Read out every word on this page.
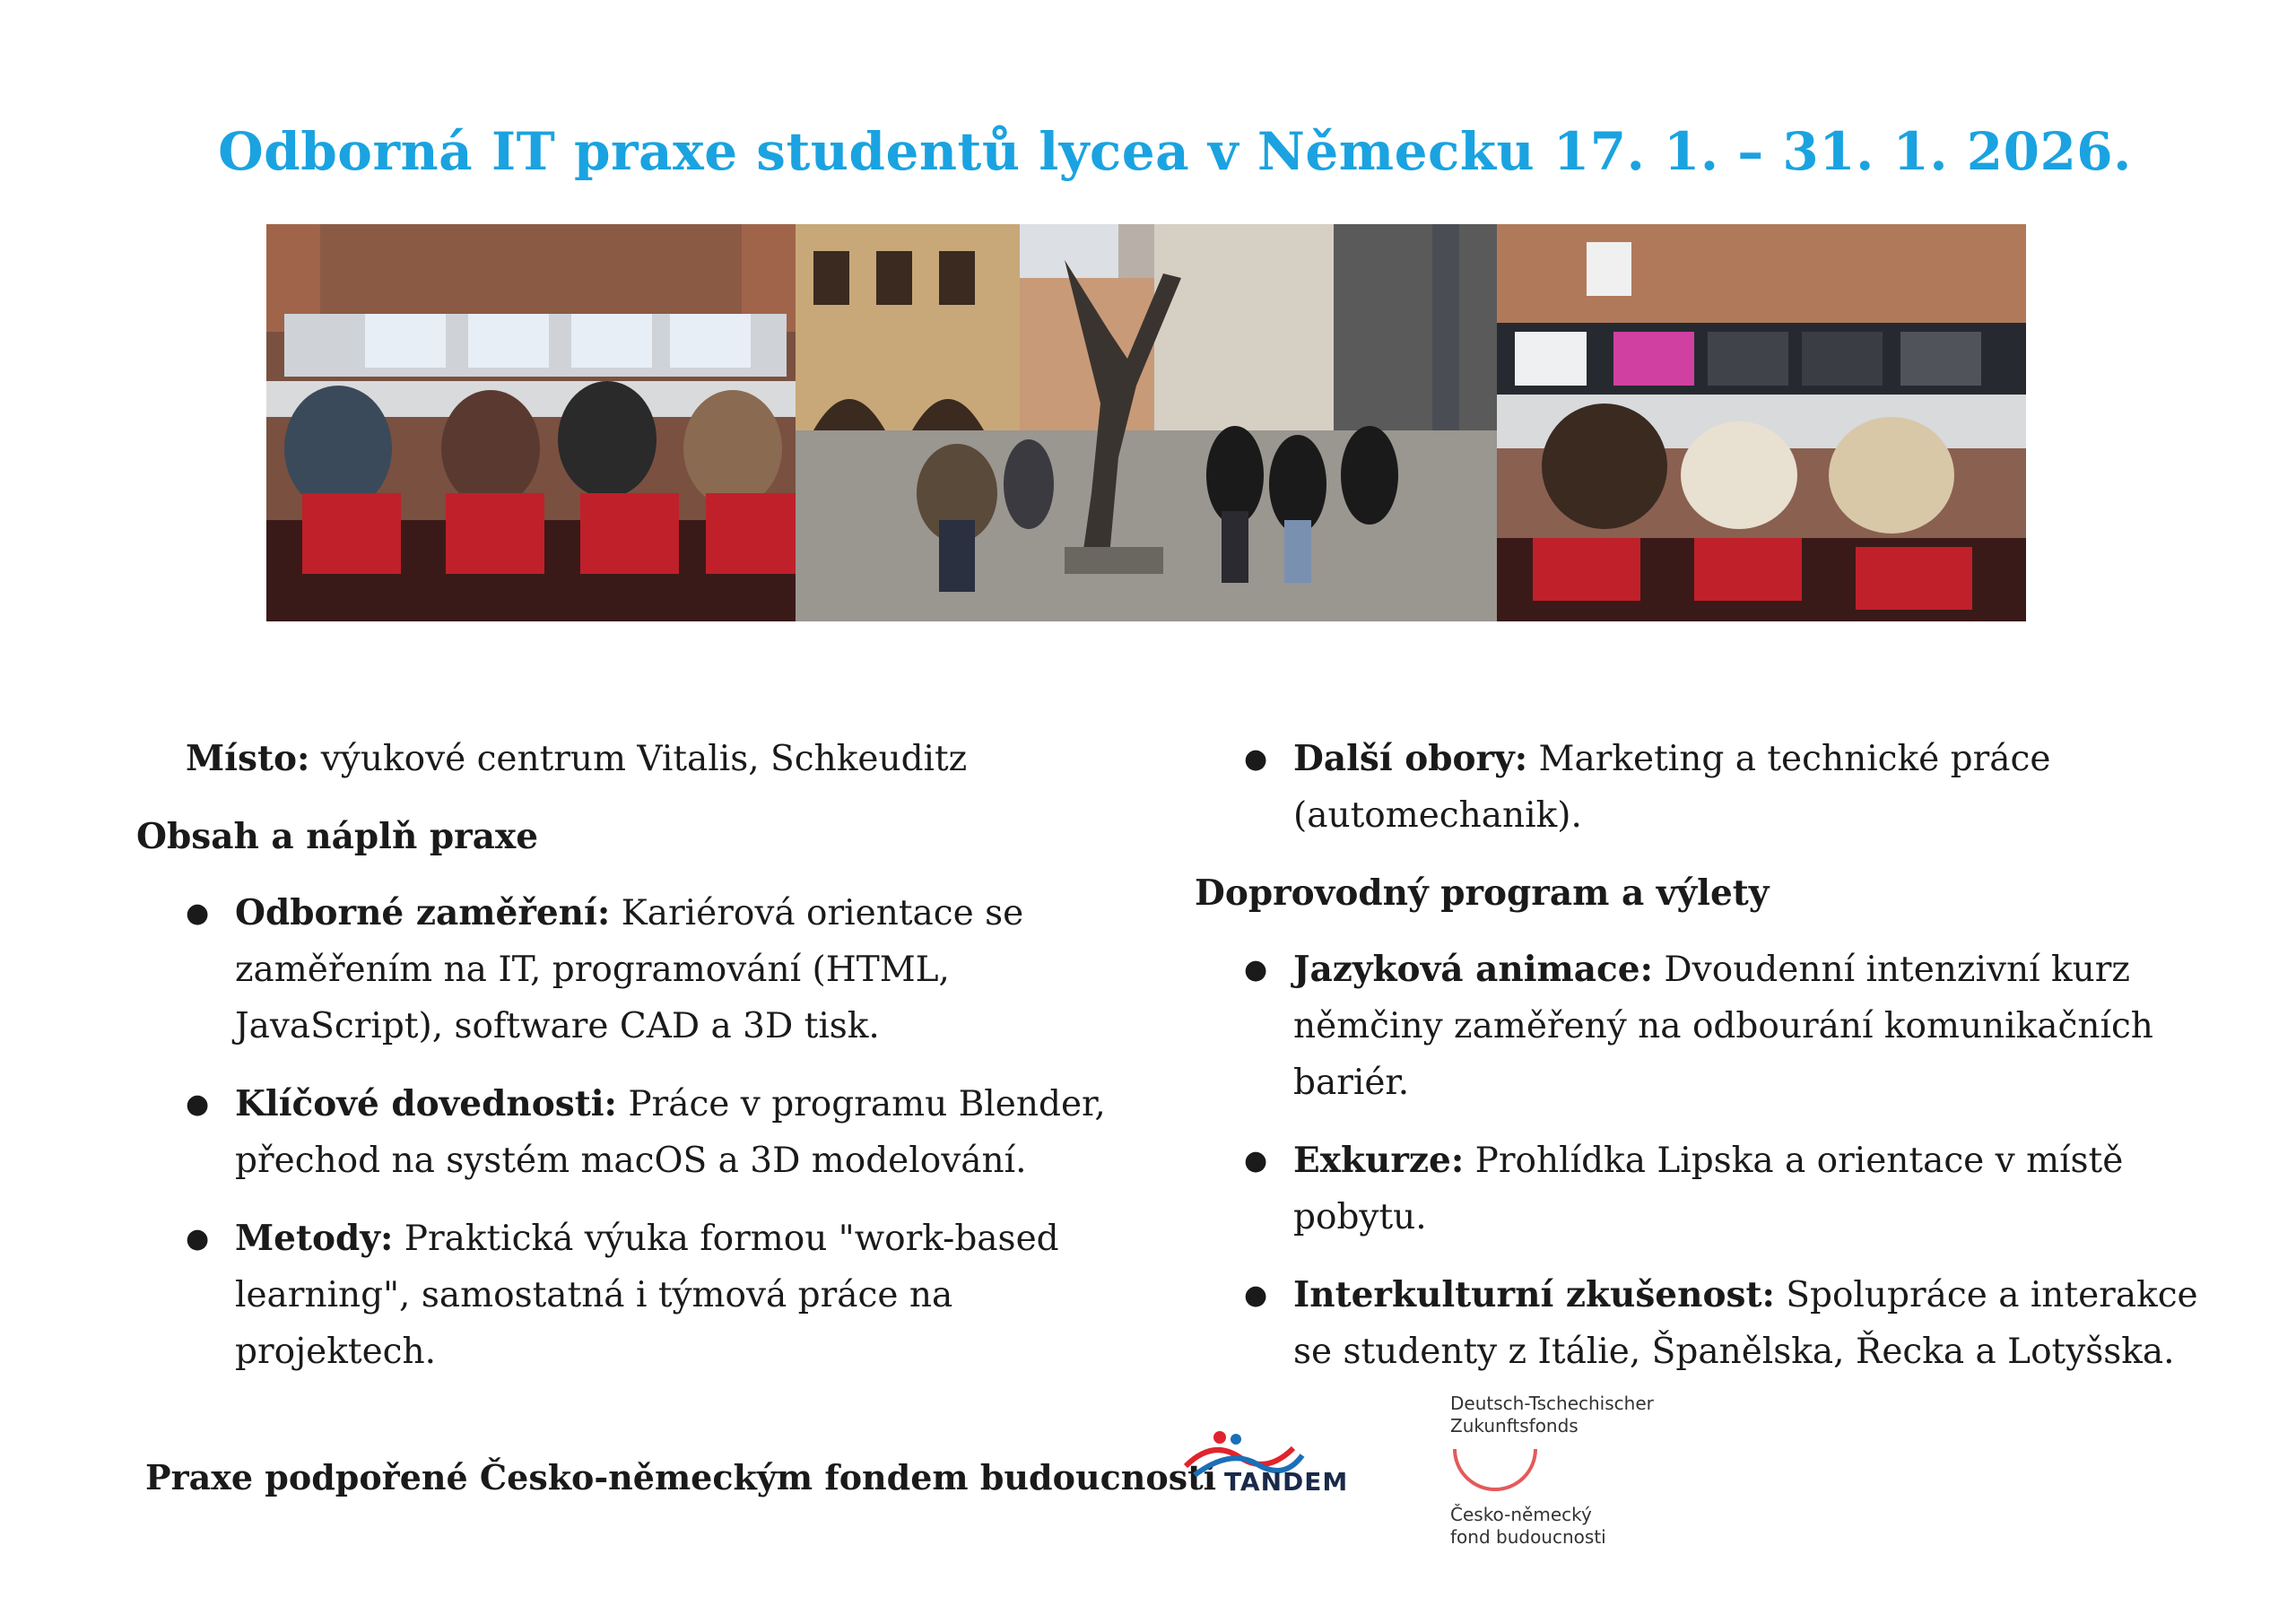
Odborná IT praxe studentů lycea v Německu 17. 1. – 31. 1. 2026.

Místo: výukové centrum Vitalis, Schkeuditz

Obsah a náplň praxe

● Odborné zaměření: Kariérová orientace se zaměřením na IT, programování (HTML, JavaScript), software CAD a 3D tisk.
● Klíčové dovednosti: Práce v programu Blender, přechod na systém macOS a 3D modelování.
● Metody: Praktická výuka formou "work-based learning", samostatná i týmová práce na projektech.
● Další obory: Marketing a technické práce (automechanik).

Doprovodný program a výlety

● Jazyková animace: Dvoudenní intenzivní kurz němčiny zaměřený na odbourání komunikačních bariér.
● Exkurze: Prohlídka Lipska a orientace v místě pobytu.
● Interkulturní zkušenost: Spolupráce a interakce se studenty z Itálie, Španělska, Řecka a Lotyšska.
Praxe podpořené Česko-německým fondem budoucnosti TANDEM
Deutsch-Tschechischer
Zukunftsfonds
Česko-německý
fond budoucnosti
